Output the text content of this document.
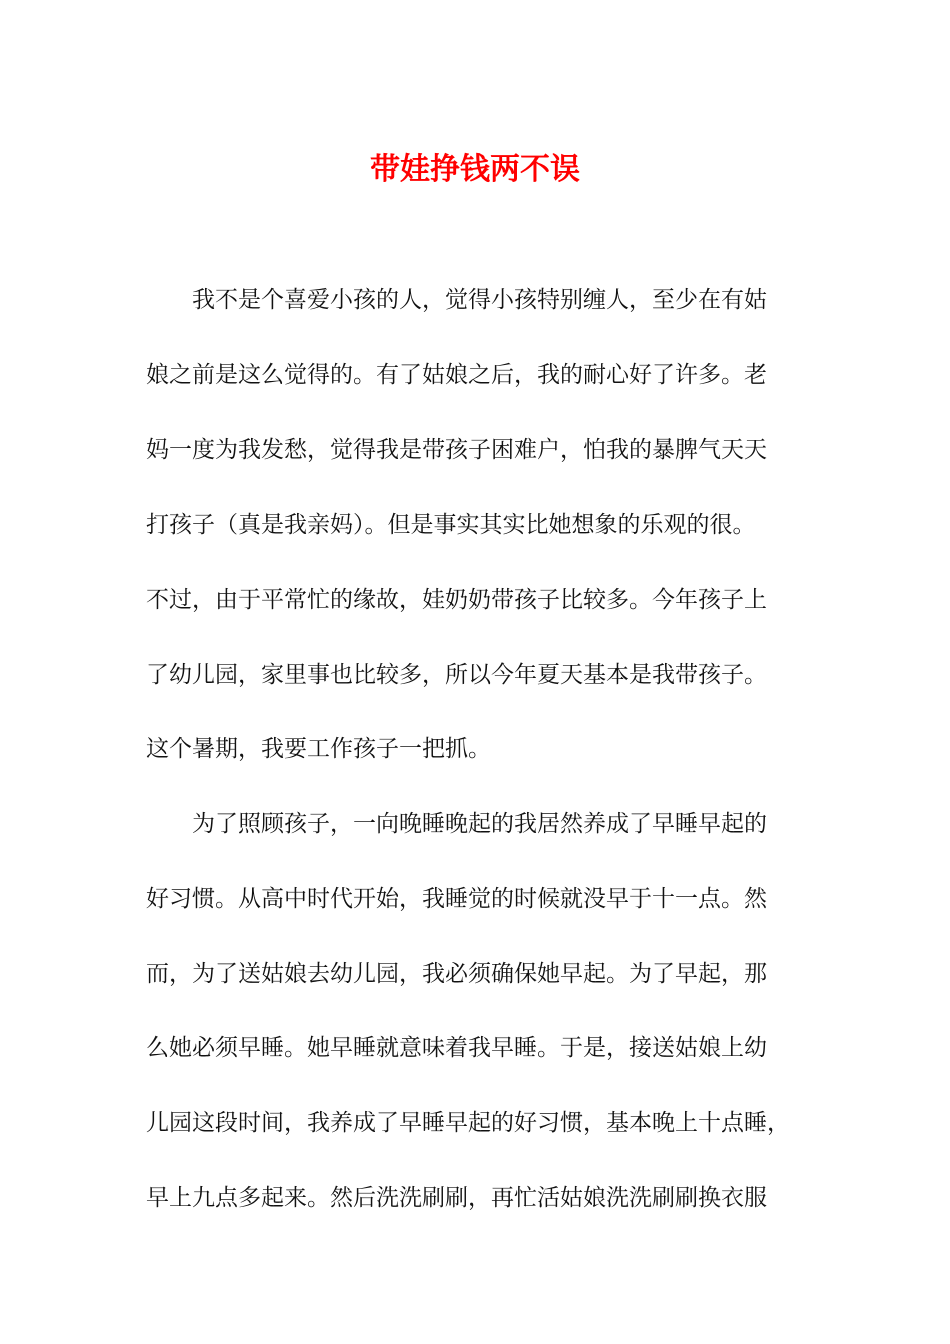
带娃挣钱两不误
我不是个喜爱小孩的人，觉得小孩特别缠人，至少在有姑
娘之前是这么觉得的。有了姑娘之后，我的耐心好了许多。老
妈一度为我发愁，觉得我是带孩子困难户，怕我的暴脾气天天
打孩子（真是我亲妈）。但是事实其实比她想象的乐观的很。
不过，由于平常忙的缘故，娃奶奶带孩子比较多。今年孩子上
了幼儿园，家里事也比较多，所以今年夏天基本是我带孩子。
这个暑期，我要工作孩子一把抓。
为了照顾孩子，一向晚睡晚起的我居然养成了早睡早起的
好习惯。从高中时代开始，我睡觉的时候就没早于十一点。然
而，为了送姑娘去幼儿园，我必须确保她早起。为了早起，那
么她必须早睡。她早睡就意味着我早睡。于是，接送姑娘上幼
儿园这段时间，我养成了早睡早起的好习惯，基本晚上十点睡，
早上九点多起来。然后洗洗刷刷，再忙活姑娘洗洗刷刷换衣服
